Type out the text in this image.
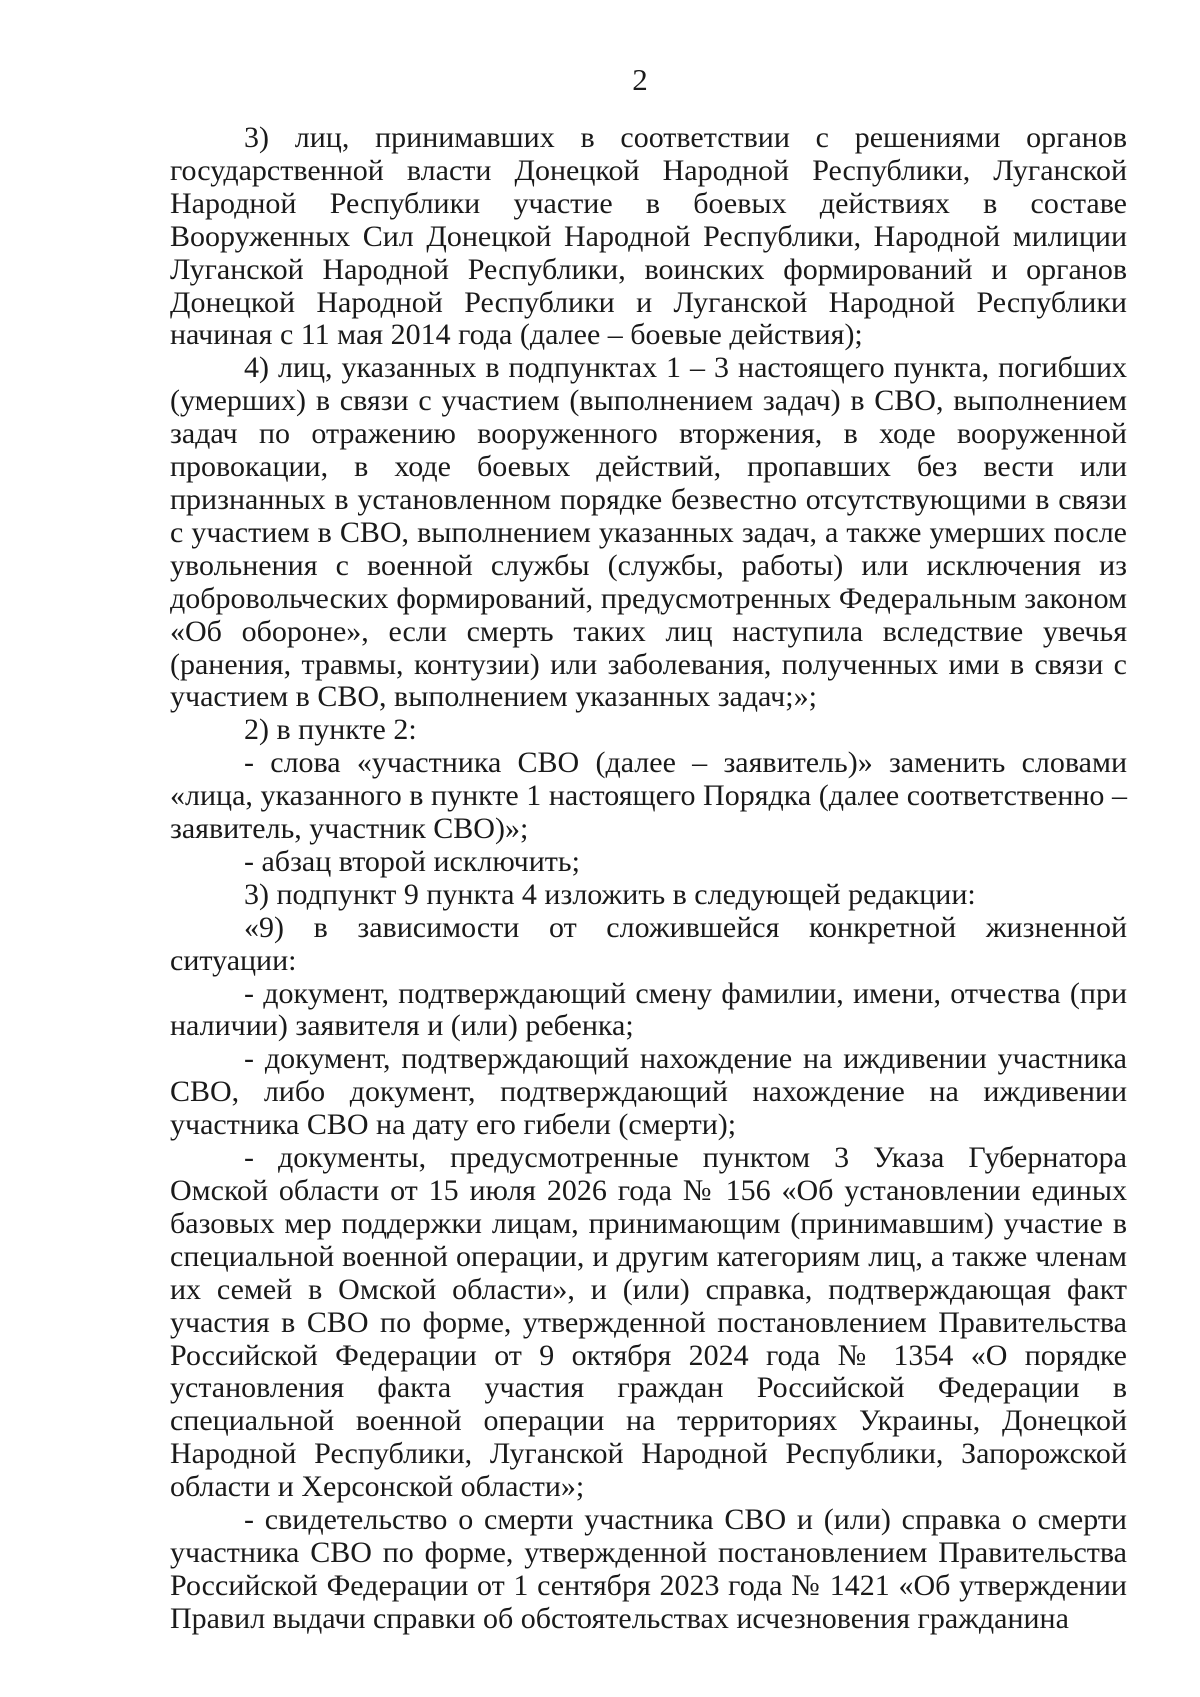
2

3) лиц, принимавших в соответствии с решениями органов государственной власти Донецкой Народной Республики, Луганской Народной Республики участие в боевых действиях в составе Вооруженных Сил Донецкой Народной Республики, Народной милиции Луганской Народной Республики, воинских формирований и органов Донецкой Народной Республики и Луганской Народной Республики начиная с 11 мая 2014 года (далее – боевые действия);

4) лиц, указанных в подпунктах 1 – 3 настоящего пункта, погибших (умерших) в связи с участием (выполнением задач) в СВО, выполнением задач по отражению вооруженного вторжения, в ходе вооруженной провокации, в ходе боевых действий, пропавших без вести или признанных в установленном порядке безвестно отсутствующими в связи с участием в СВО, выполнением указанных задач, а также умерших после увольнения с военной службы (службы, работы) или исключения из добровольческих формирований, предусмотренных Федеральным законом «Об обороне», если смерть таких лиц наступила вследствие увечья (ранения, травмы, контузии) или заболевания, полученных ими в связи с участием в СВО, выполнением указанных задач;»;

2) в пункте 2:

- слова «участника СВО (далее – заявитель)» заменить словами «лица, указанного в пункте 1 настоящего Порядка (далее соответственно – заявитель, участник СВО)»;

- абзац второй исключить;

3) подпункт 9 пункта 4 изложить в следующей редакции:

«9) в зависимости от сложившейся конкретной жизненной ситуации:

- документ, подтверждающий смену фамилии, имени, отчества (при наличии) заявителя и (или) ребенка;

- документ, подтверждающий нахождение на иждивении участника СВО, либо документ, подтверждающий нахождение на иждивении участника СВО на дату его гибели (смерти);

- документы, предусмотренные пунктом 3 Указа Губернатора Омской области от 15 июля 2026 года № 156 «Об установлении единых базовых мер поддержки лицам, принимающим (принимавшим) участие в специальной военной операции, и другим категориям лиц, а также членам их семей в Омской области», и (или) справка, подтверждающая факт участия в СВО по форме, утвержденной постановлением Правительства Российской Федерации от 9 октября 2024 года № 1354 «О порядке установления факта участия граждан Российской Федерации в специальной военной операции на территориях Украины, Донецкой Народной Республики, Луганской Народной Республики, Запорожской области и Херсонской области»;

- свидетельство о смерти участника СВО и (или) справка о смерти участника СВО по форме, утвержденной постановлением Правительства Российской Федерации от 1 сентября 2023 года № 1421 «Об утверждении Правил выдачи справки об обстоятельствах исчезновения гражданина
